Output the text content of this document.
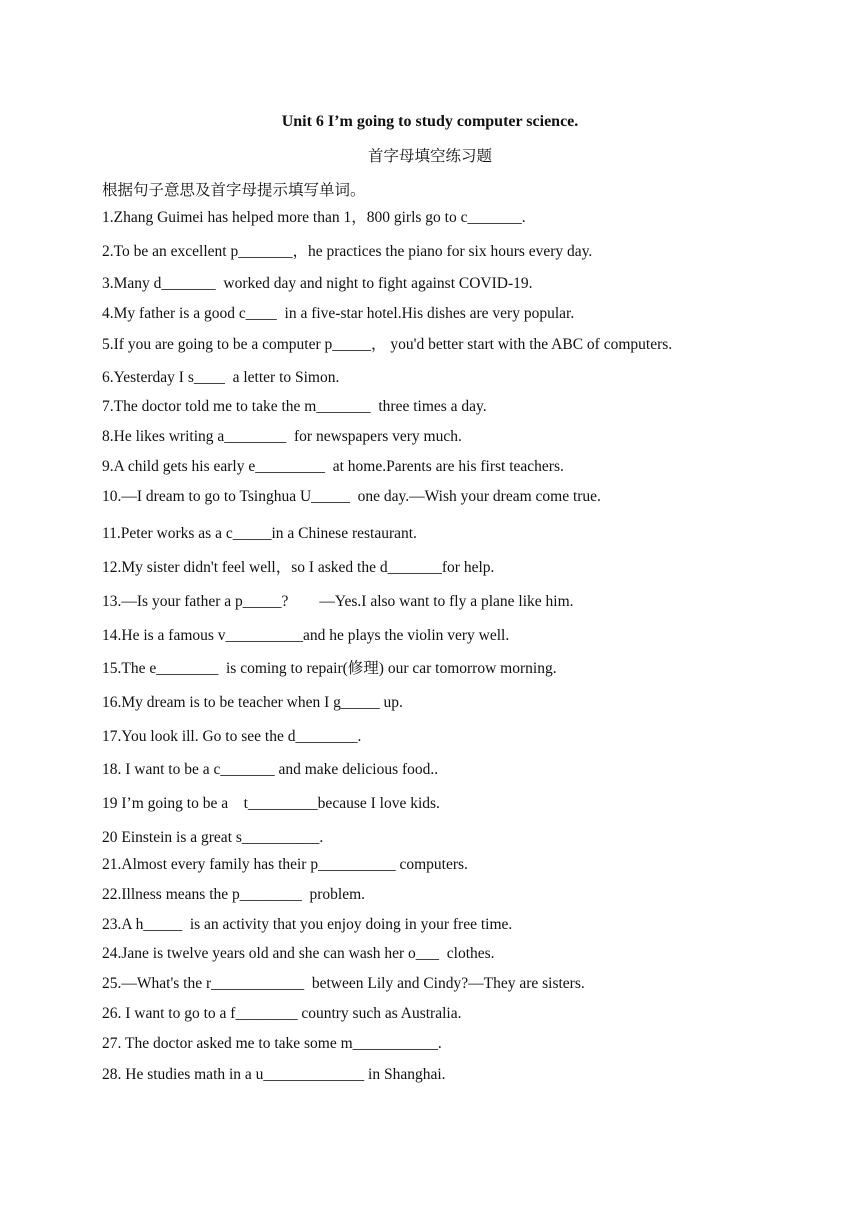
Unit 6 I’m going to study computer science.
首字母填空练习题
根据句子意思及首字母提示填写单词。
1.Zhang Guimei has helped more than 1，800 girls go to c_______.
2.To be an excellent p_______，he practices the piano for six hours every day.
3.Many d_______  worked day and night to fight against COVID-19.
4.My father is a good c____  in a five-star hotel.His dishes are very popular.
5.If you are going to be a computer p_____， you'd better start with the ABC of computers.
6.Yesterday I s____  a letter to Simon.
7.The doctor told me to take the m_______  three times a day.
8.He likes writing a________  for newspapers very much.
9.A child gets his early e_________  at home.Parents are his first teachers.
10.—I dream to go to Tsinghua U_____  one day.—Wish your dream come true.
11.Peter works as a c_____in a Chinese restaurant.
12.My sister didn't feel well，so I asked the d_______for help.
13.—Is your father a p_____?        —Yes.I also want to fly a plane like him.
14.He is a famous v__________and he plays the violin very well.
15.The e________  is coming to repair(修理) our car tomorrow morning.
16.My dream is to be teacher when I g_____ up.
17.You look ill. Go to see the d________.
18. I want to be a c_______ and make delicious food..
19 I’m going to be a    t_________because I love kids.
20 Einstein is a great s__________.
21.Almost every family has their p__________ computers.
22.Illness means the p________  problem.
23.A h_____  is an activity that you enjoy doing in your free time.
24.Jane is twelve years old and she can wash her o___  clothes.
25.—What's the r____________  between Lily and Cindy?—They are sisters.
26. I want to go to a f________ country such as Australia.
27. The doctor asked me to take some m___________.
28. He studies math in a u_____________ in Shanghai.
